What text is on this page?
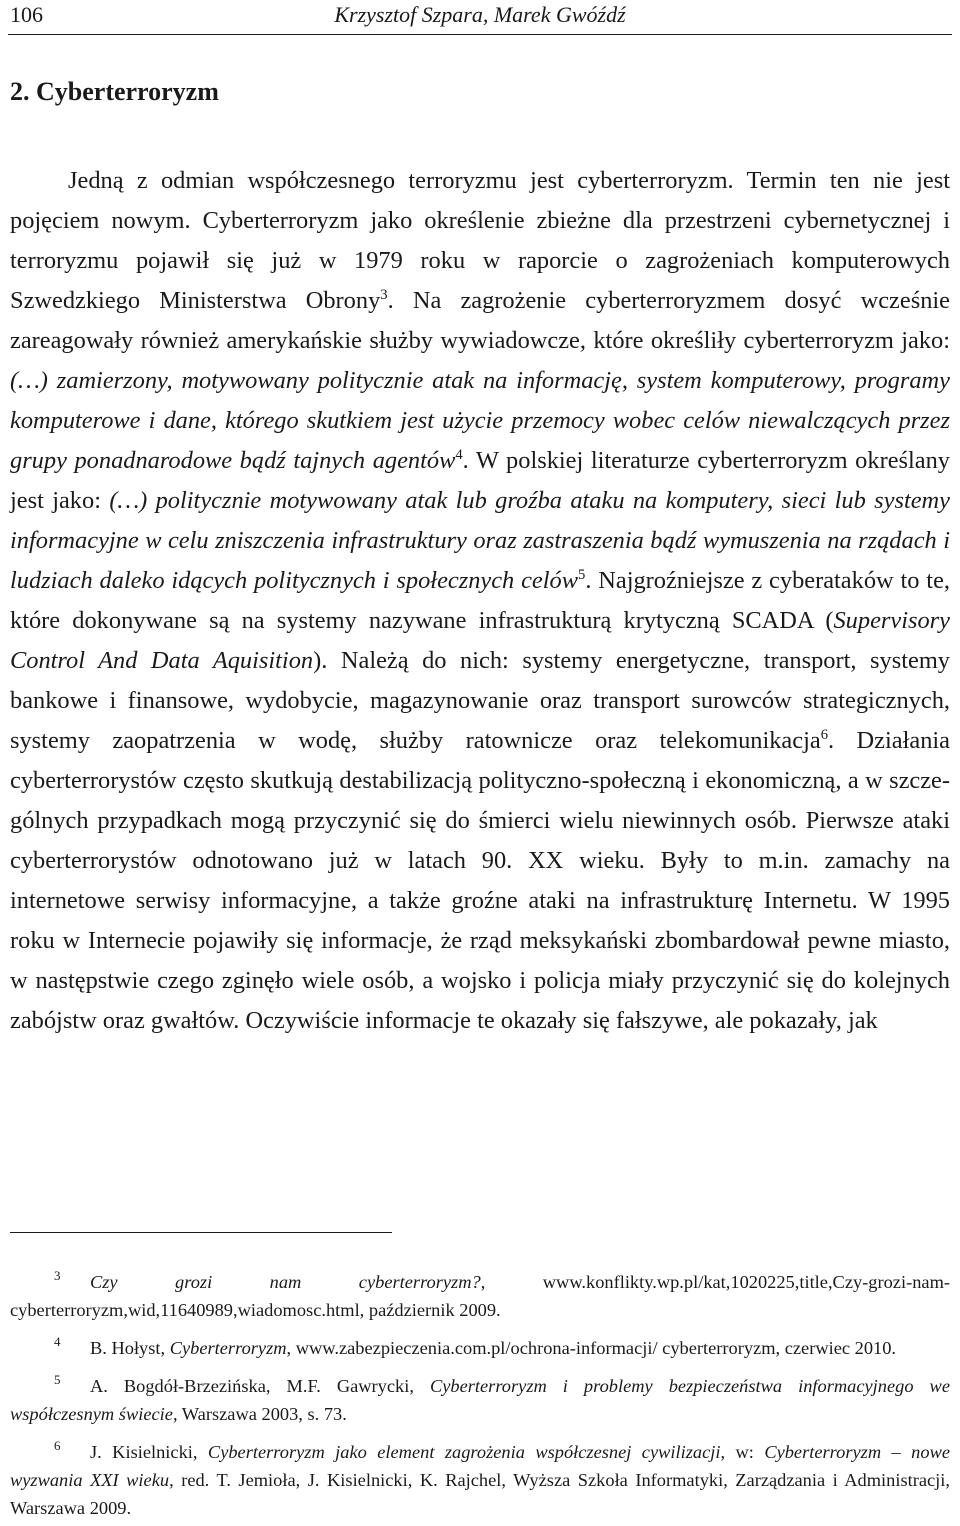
106	Krzysztof Szpara, Marek Gwóźdź
2. Cyberterroryzm

Jedną z odmian współczesnego terroryzmu jest cyberterroryzm. Termin ten nie jest pojęciem nowym. Cyberterroryzm jako określenie zbieżne dla przestrzeni cybernetycznej i terroryzmu pojawił się już w 1979 roku w raporcie o zagrożeniach komputerowych Szwedzkiego Ministerstwa Obrony$^3$. Na zagrożenie cyberterroryzmem dosyć wcześnie zareagowały również amerykańskie służby wywiadowcze, które określiły cyberterroryzm jako: (…) zamierzony, motywowany politycznie atak na informację, system komputerowy, programy komputerowe i dane, którego skutkiem jest użycie przemocy wobec celów niewalczących przez grupy ponadnarodowe bądź tajnych agentów$^4$. W polskiej literaturze cyberterroryzm określany jest jako: (…) politycznie motywowany atak lub groźba ataku na komputery, sieci lub systemy informacyjne w celu zniszczenia infrastruktury oraz zastraszenia bądź wymuszenia na rządach i ludziach daleko idących politycznych i społecznych celów$^5$. Najgroźniejsze z cyberataków to te, które dokonywane są na systemy nazywane infrastrukturą krytyczną SCADA (Supervisory Control And Data Aquisition). Należą do nich: systemy energetyczne, transport, systemy bankowe i finansowe, wydobycie, magazynowanie oraz transport surowców strategicznych, systemy zaopatrzenia w wodę, służby ratownicze oraz telekomunikacja$^6$. Działania cyberterrorystów często skutkują destabilizacją polityczno-społeczną i ekonomiczną, a w szczególnych przypadkach mogą przyczynić się do śmierci wielu niewinnych osób. Pierwsze ataki cyberterrorystów odnotowano już w latach 90. XX wieku. Były to m.in. zamachy na internetowe serwisy informacyjne, a także groźne ataki na infrastrukturę Internetu. W 1995 roku w Internecie pojawiły się informacje, że rząd meksykański zbombardował pewne miasto, w następstwie czego zginęło wiele osób, a wojsko i policja miały przyczynić się do kolejnych zabójstw oraz gwałtów. Oczywiście informacje te okazały się fałszywe, ale pokazały, jak

3 Czy grozi nam cyberterroryzm?, www.konflikty.wp.pl/kat,1020225,title,Czy-grozi-nam-cyberterroryzm,wid,11640989,wiadomosc.html, październik 2009.

4 B. Hołyst, Cyberterroryzm, www.zabezpieczenia.com.pl/ochrona-informacji/ cyberterroryzm, czerwiec 2010.

5 A. Bogdół-Brzezińska, M.F. Gawrycki, Cyberterroryzm i problemy bezpieczeństwa informacyjnego we współczesnym świecie, Warszawa 2003, s. 73.

6 J. Kisielnicki, Cyberterroryzm jako element zagrożenia współczesnej cywilizacji, w: Cyberterroryzm – nowe wyzwania XXI wieku, red. T. Jemioła, J. Kisielnicki, K. Rajchel, Wyższa Szkoła Informatyki, Zarządzania i Administracji, Warszawa 2009.
